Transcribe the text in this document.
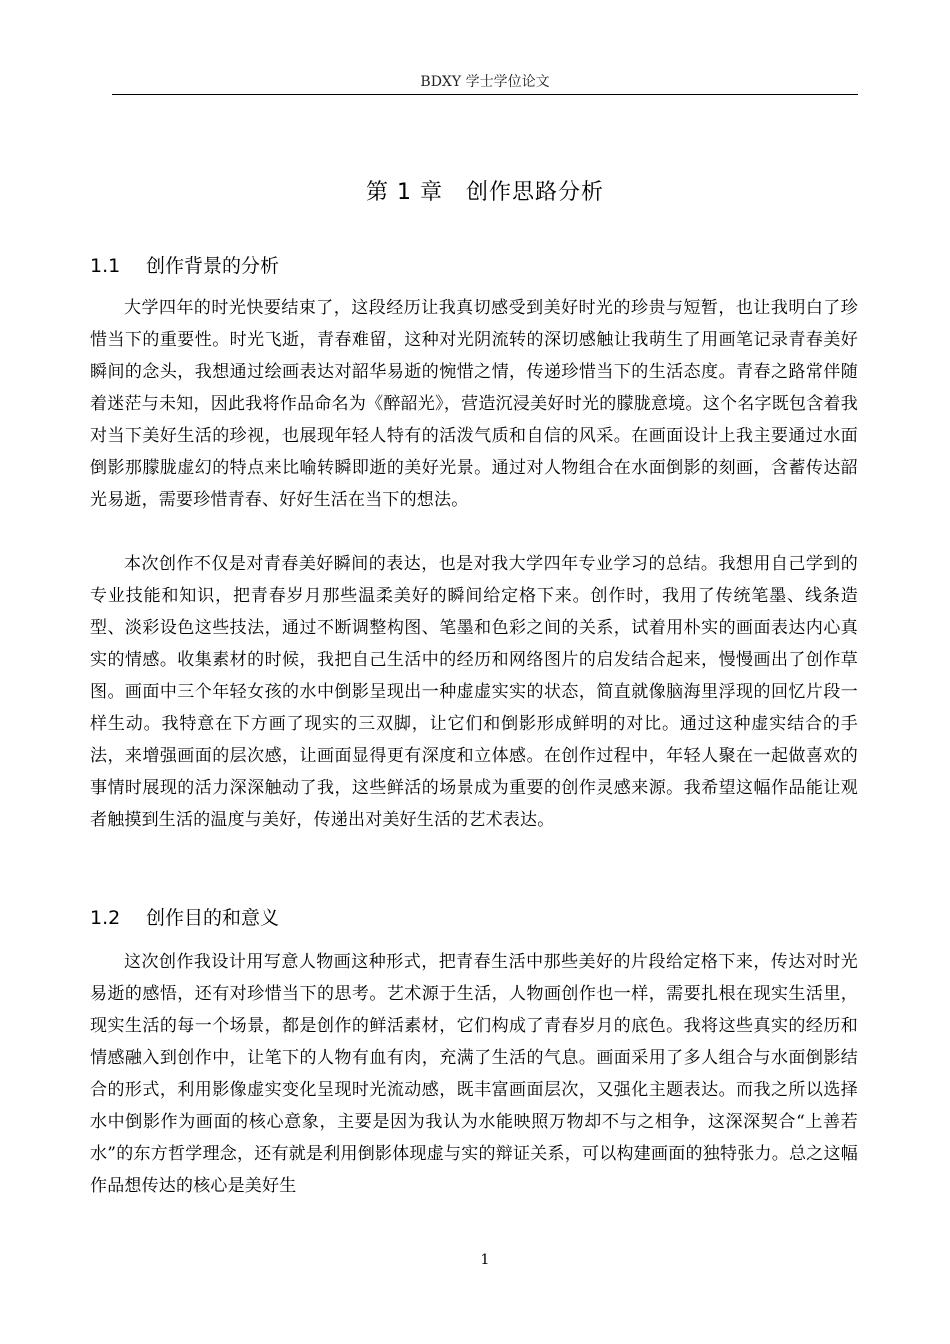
BDXY 学士学位论文
第 1 章　创作思路分析
1.1 创作背景的分析

大学四年的时光快要结束了，这段经历让我真切感受到美好时光的珍贵与短暂，也让我明白了珍惜当下的重要性。时光飞逝，青春难留，这种对光阴流转的深切感触让我萌生了用画笔记录青春美好瞬间的念头，我想通过绘画表达对韶华易逝的惋惜之情，传递珍惜当下的生活态度。青春之路常伴随着迷茫与未知，因此我将作品命名为《醉韶光》，营造沉浸美好时光的朦胧意境。这个名字既包含着我对当下美好生活的珍视，也展现年轻人特有的活泼气质和自信的风采。在画面设计上我主要通过水面倒影那朦胧虚幻的特点来比喻转瞬即逝的美好光景。通过对人物组合在水面倒影的刻画，含蓄传达韶光易逝，需要珍惜青春、好好生活在当下的想法。

本次创作不仅是对青春美好瞬间的表达，也是对我大学四年专业学习的总结。我想用自己学到的专业技能和知识，把青春岁月那些温柔美好的瞬间给定格下来。创作时，我用了传统笔墨、线条造型、淡彩设色这些技法，通过不断调整构图、笔墨和色彩之间的关系，试着用朴实的画面表达内心真实的情感。收集素材的时候，我把自己生活中的经历和网络图片的启发结合起来，慢慢画出了创作草图。画面中三个年轻女孩的水中倒影呈现出一种虚虚实实的状态，简直就像脑海里浮现的回忆片段一样生动。我特意在下方画了现实的三双脚，让它们和倒影形成鲜明的对比。通过这种虚实结合的手法，来增强画面的层次感，让画面显得更有深度和立体感。在创作过程中，年轻人聚在一起做喜欢的事情时展现的活力深深触动了我，这些鲜活的场景成为重要的创作灵感来源。我希望这幅作品能让观者触摸到生活的温度与美好，传递出对美好生活的艺术表达。

1.2 创作目的和意义

这次创作我设计用写意人物画这种形式，把青春生活中那些美好的片段给定格下来，传达对时光易逝的感悟，还有对珍惜当下的思考。艺术源于生活，人物画创作也一样，需要扎根在现实生活里，现实生活的每一个场景，都是创作的鲜活素材，它们构成了青春岁月的底色。我将这些真实的经历和情感融入到创作中，让笔下的人物有血有肉，充满了生活的气息。画面采用了多人组合与水面倒影结合的形式，利用影像虚实变化呈现时光流动感，既丰富画面层次，又强化主题表达。而我之所以选择水中倒影作为画面的核心意象，主要是因为我认为水能映照万物却不与之相争，这深深契合“上善若水”的东方哲学理念，还有就是利用倒影体现虚与实的辩证关系，可以构建画面的独特张力。总之这幅作品想传达的核心是美好生

1
